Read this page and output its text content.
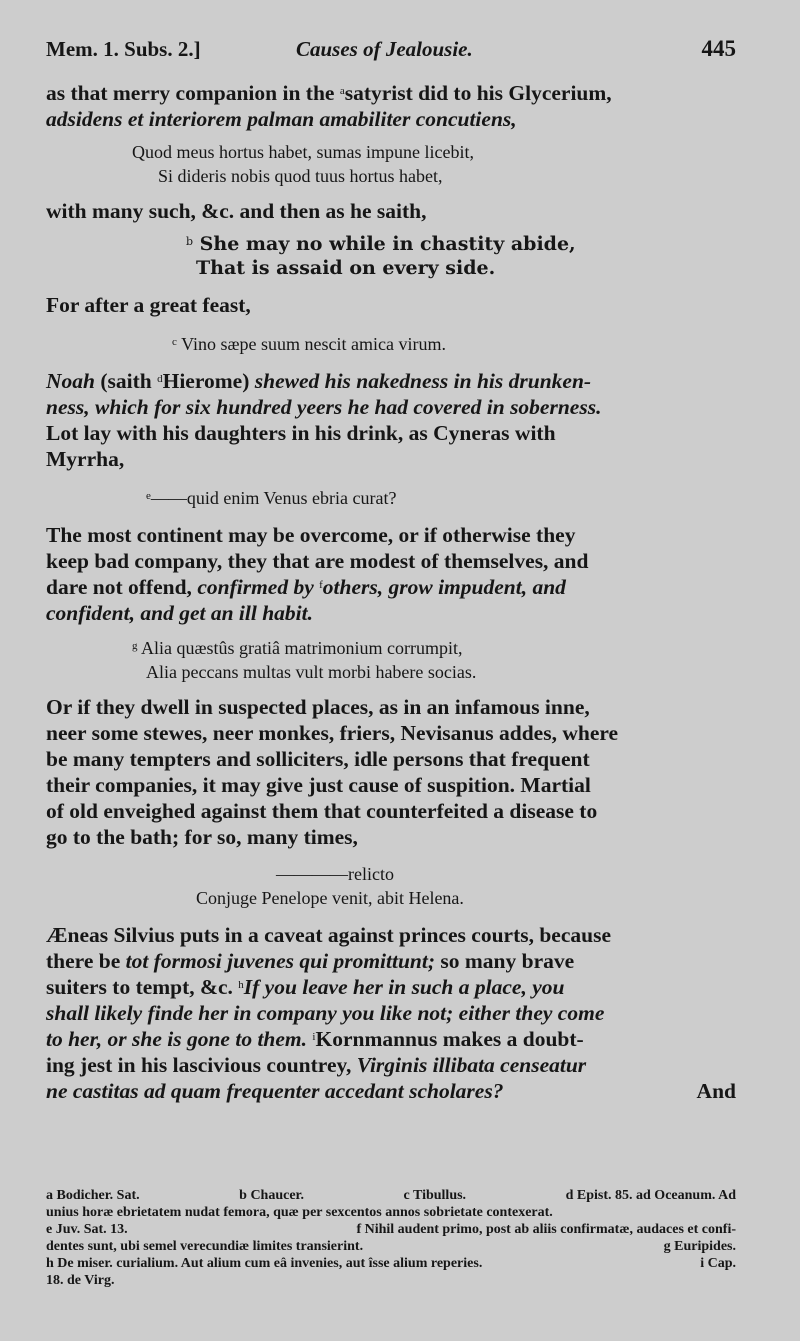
Mem. 1. Subs. 2.]	Causes of Jealousie.	445

as that merry companion in the $^a$satyrist did to his Glycerium,
adsidens et interiorem palman amabiliter concutiens,

Quod meus hortus habet, sumas impune licebit,
Si dideris nobis quod tuus hortus habet,

with many such, &c. and then as he saith,

$^b$ She may no while in chastity abide,
That is assaid on every side.

For after a great feast,

$^c$ Vino sæpe suum nescit amica virum.

Noah (saith $^d$Hierome) shewed his nakedness in his drunken-
ness, which for six hundred yeers he had covered in soberness.
Lot lay with his daughters in his drink, as Cyneras with
Myrrha,

$^e$——quid enim Venus ebria curat?

The most continent may be overcome, or if otherwise they
keep bad company, they that are modest of themselves, and
dare not offend, confirmed by $^f$others, grow impudent, and
confident, and get an ill habit.

$^g$ Alia quæstûs gratiâ matrimonium corrumpit,
Alia peccans multas vult morbi habere socias.

Or if they dwell in suspected places, as in an infamous inne,
neer some stewes, neer monkes, friers, Nevisanus addes, where
be many tempters and solliciters, idle persons that frequent
their companies, it may give just cause of suspition. Martial
of old enveighed against them that counterfeited a disease to
go to the bath; for so, many times,

————relicto
Conjuge Penelope venit, abit Helena.

Æneas Silvius puts in a caveat against princes courts, because
there be tot formosi juvenes qui promittunt; so many brave
suiters to tempt, &c. $^h$If you leave her in such a place, you
shall likely finde her in company you like not; either they come
to her, or she is gone to them. $^i$Kornmannus makes a doubt-
ing jest in his lascivious countrey, Virginis illibata censeatur
ne castitas ad quam frequenter accedant scholares?	And

a Bodicher. Sat.	b Chaucer.	c Tibullus.	d Epist. 85. ad Oceanum. Ad
unius horæ ebrietatem nudat femora, quæ per sexcentos annos sobrietate contexerat.
e Juv. Sat. 13.	f Nihil audent primo, post ab aliis confirmatæ, audaces et confi-
dentes sunt, ubi semel verecundiæ limites transierint.	g Euripides.
h De miser. curialium. Aut alium cum eâ invenies, aut îsse alium reperies.	i Cap.
18. de Virg.
